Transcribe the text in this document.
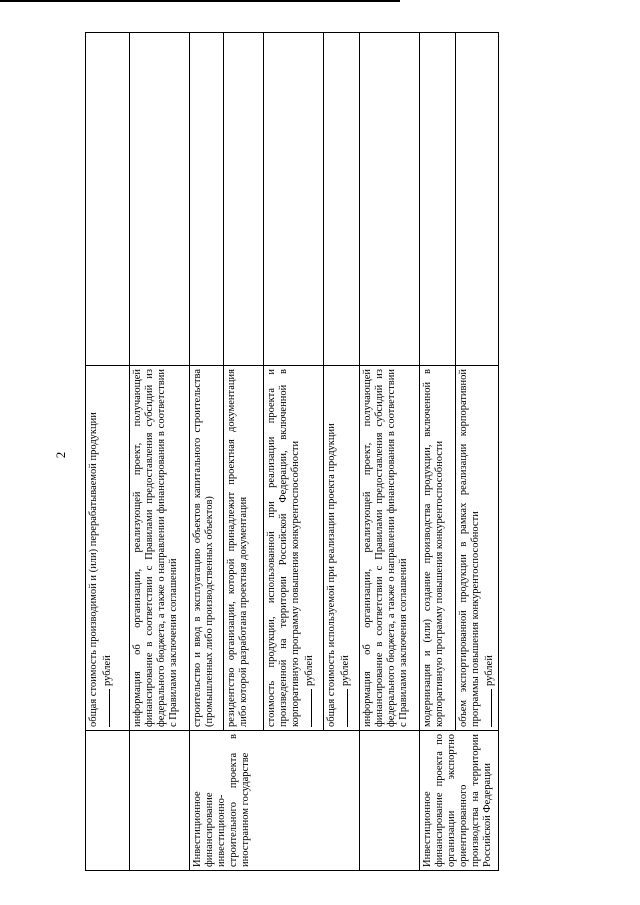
2
	общая стоимость производимой и (или) перерабатываемой продукции рублей	

	информация об организации, реализующей проект, получающей финансирование в соответствии с Правилами предоставления субсидий из федерального бюджета, а также о направлении финансирования в соответствии с Правилами заключения соглашений	
Инвестиционное финансирование инвестиционно-строительного проекта в иностранном государстве	строительство и ввод в эксплуатацию объектов капитального строительства (промышленных либо производственных объектов)	
	резидентство организации, которой принадлежит проектная документация либо которой разработана проектная документация	
	стоимость продукции, использованной при реализации проекта и произведенной на территории Российской Федерации, включенной в корпоративную программу повышения конкурентоспособности рублей	

	общая стоимость используемой при реализации проекта продукции рублей	

	информация об организации, реализующей проект, получающей финансирование в соответствии с Правилами предоставления субсидий из федерального бюджета, а также о направлении финансирования в соответствии с Правилами заключения соглашений	
Инвестиционное финансирование проекта по организации экспортно ориентированного производства на территории Российской Федерации	модернизация и (или) создание производства продукции, включенной в корпоративную программу повышения конкурентоспособности	
	объем экспортированной продукции в рамках реализации корпоративной программы повышения конкурентоспособности рублей	
